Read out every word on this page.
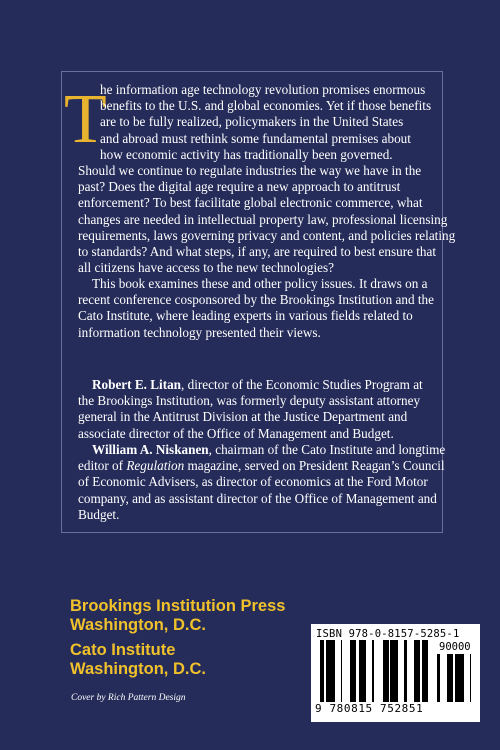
T

he information age technology revolution promises enormous
benefits to the U.S. and global economies. Yet if those benefits
are to be fully realized, policymakers in the United States
and abroad must rethink some fundamental premises about
how economic activity has traditionally been governed.

Should we continue to regulate industries the way we have in the
past? Does the digital age require a new approach to antitrust
enforcement? To best facilitate global electronic commerce, what
changes are needed in intellectual property law, professional licensing
requirements, laws governing privacy and content, and policies relating
to standards? And what steps, if any, are required to best ensure that
all citizens have access to the new technologies?

This book examines these and other policy issues. It draws on a
recent conference cosponsored by the Brookings Institution and the
Cato Institute, where leading experts in various fields related to
information technology presented their views.

Robert E. Litan, director of the Economic Studies Program at
the Brookings Institution, was formerly deputy assistant attorney
general in the Antitrust Division at the Justice Department and
associate director of the Office of Management and Budget.

William A. Niskanen, chairman of the Cato Institute and longtime
editor of Regulation magazine, served on President Reagan’s Council
of Economic Advisers, as director of economics at the Ford Motor
company, and as assistant director of the Office of Management and
Budget.

Brookings Institution Press
Washington, D.C.

Cato Institute
Washington, D.C.

Cover by Rich Pattern Design
ISBN 978-0-8157-5285-1
90000
9 780815 752851
